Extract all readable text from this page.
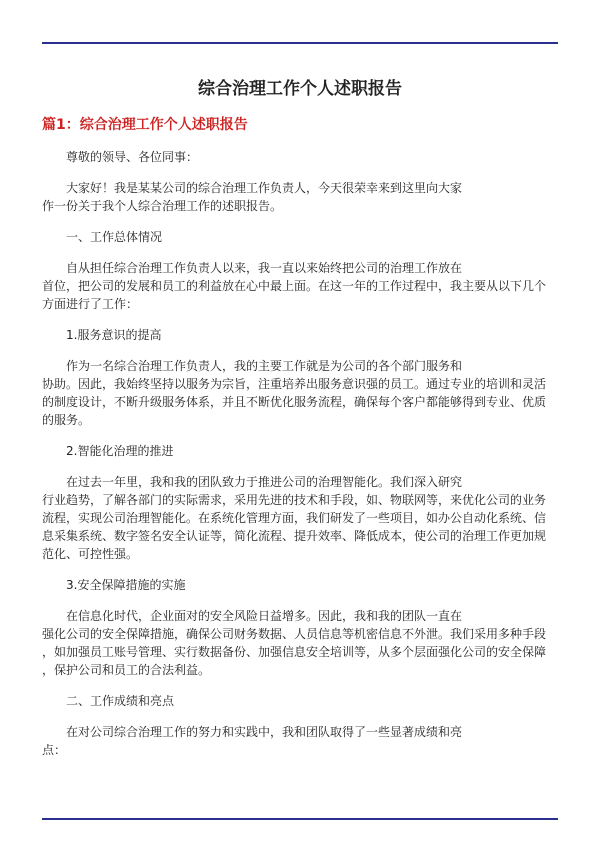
综合治理工作个人述职报告
篇1：综合治理工作个人述职报告

尊敬的领导、各位同事：

大家好！我是某某公司的综合治理工作负责人，今天很荣幸来到这里向大家

作一份关于我个人综合治理工作的述职报告。

一、工作总体情况

自从担任综合治理工作负责人以来，我一直以来始终把公司的治理工作放在

首位，把公司的发展和员工的利益放在心中最上面。在这一年的工作过程中，我主要从以下几个

方面进行了工作：

1.服务意识的提高

作为一名综合治理工作负责人，我的主要工作就是为公司的各个部门服务和

协助。因此，我始终坚持以服务为宗旨，注重培养出服务意识强的员工。通过专业的培训和灵活

的制度设计，不断升级服务体系，并且不断优化服务流程，确保每个客户都能够得到专业、优质

的服务。

2.智能化治理的推进

在过去一年里，我和我的团队致力于推进公司的治理智能化。我们深入研究

行业趋势，了解各部门的实际需求，采用先进的技术和手段，如、物联网等，来优化公司的业务

流程，实现公司治理智能化。在系统化管理方面，我们研发了一些项目，如办公自动化系统、信

息采集系统、数字签名安全认证等，简化流程、提升效率、降低成本，使公司的治理工作更加规

范化、可控性强。

3.安全保障措施的实施

在信息化时代，企业面对的安全风险日益增多。因此，我和我的团队一直在

强化公司的安全保障措施，确保公司财务数据、人员信息等机密信息不外泄。我们采用多种手段

，如加强员工账号管理、实行数据备份、加强信息安全培训等，从多个层面强化公司的安全保障

，保护公司和员工的合法利益。

二、工作成绩和亮点

在对公司综合治理工作的努力和实践中，我和团队取得了一些显著成绩和亮

点：
